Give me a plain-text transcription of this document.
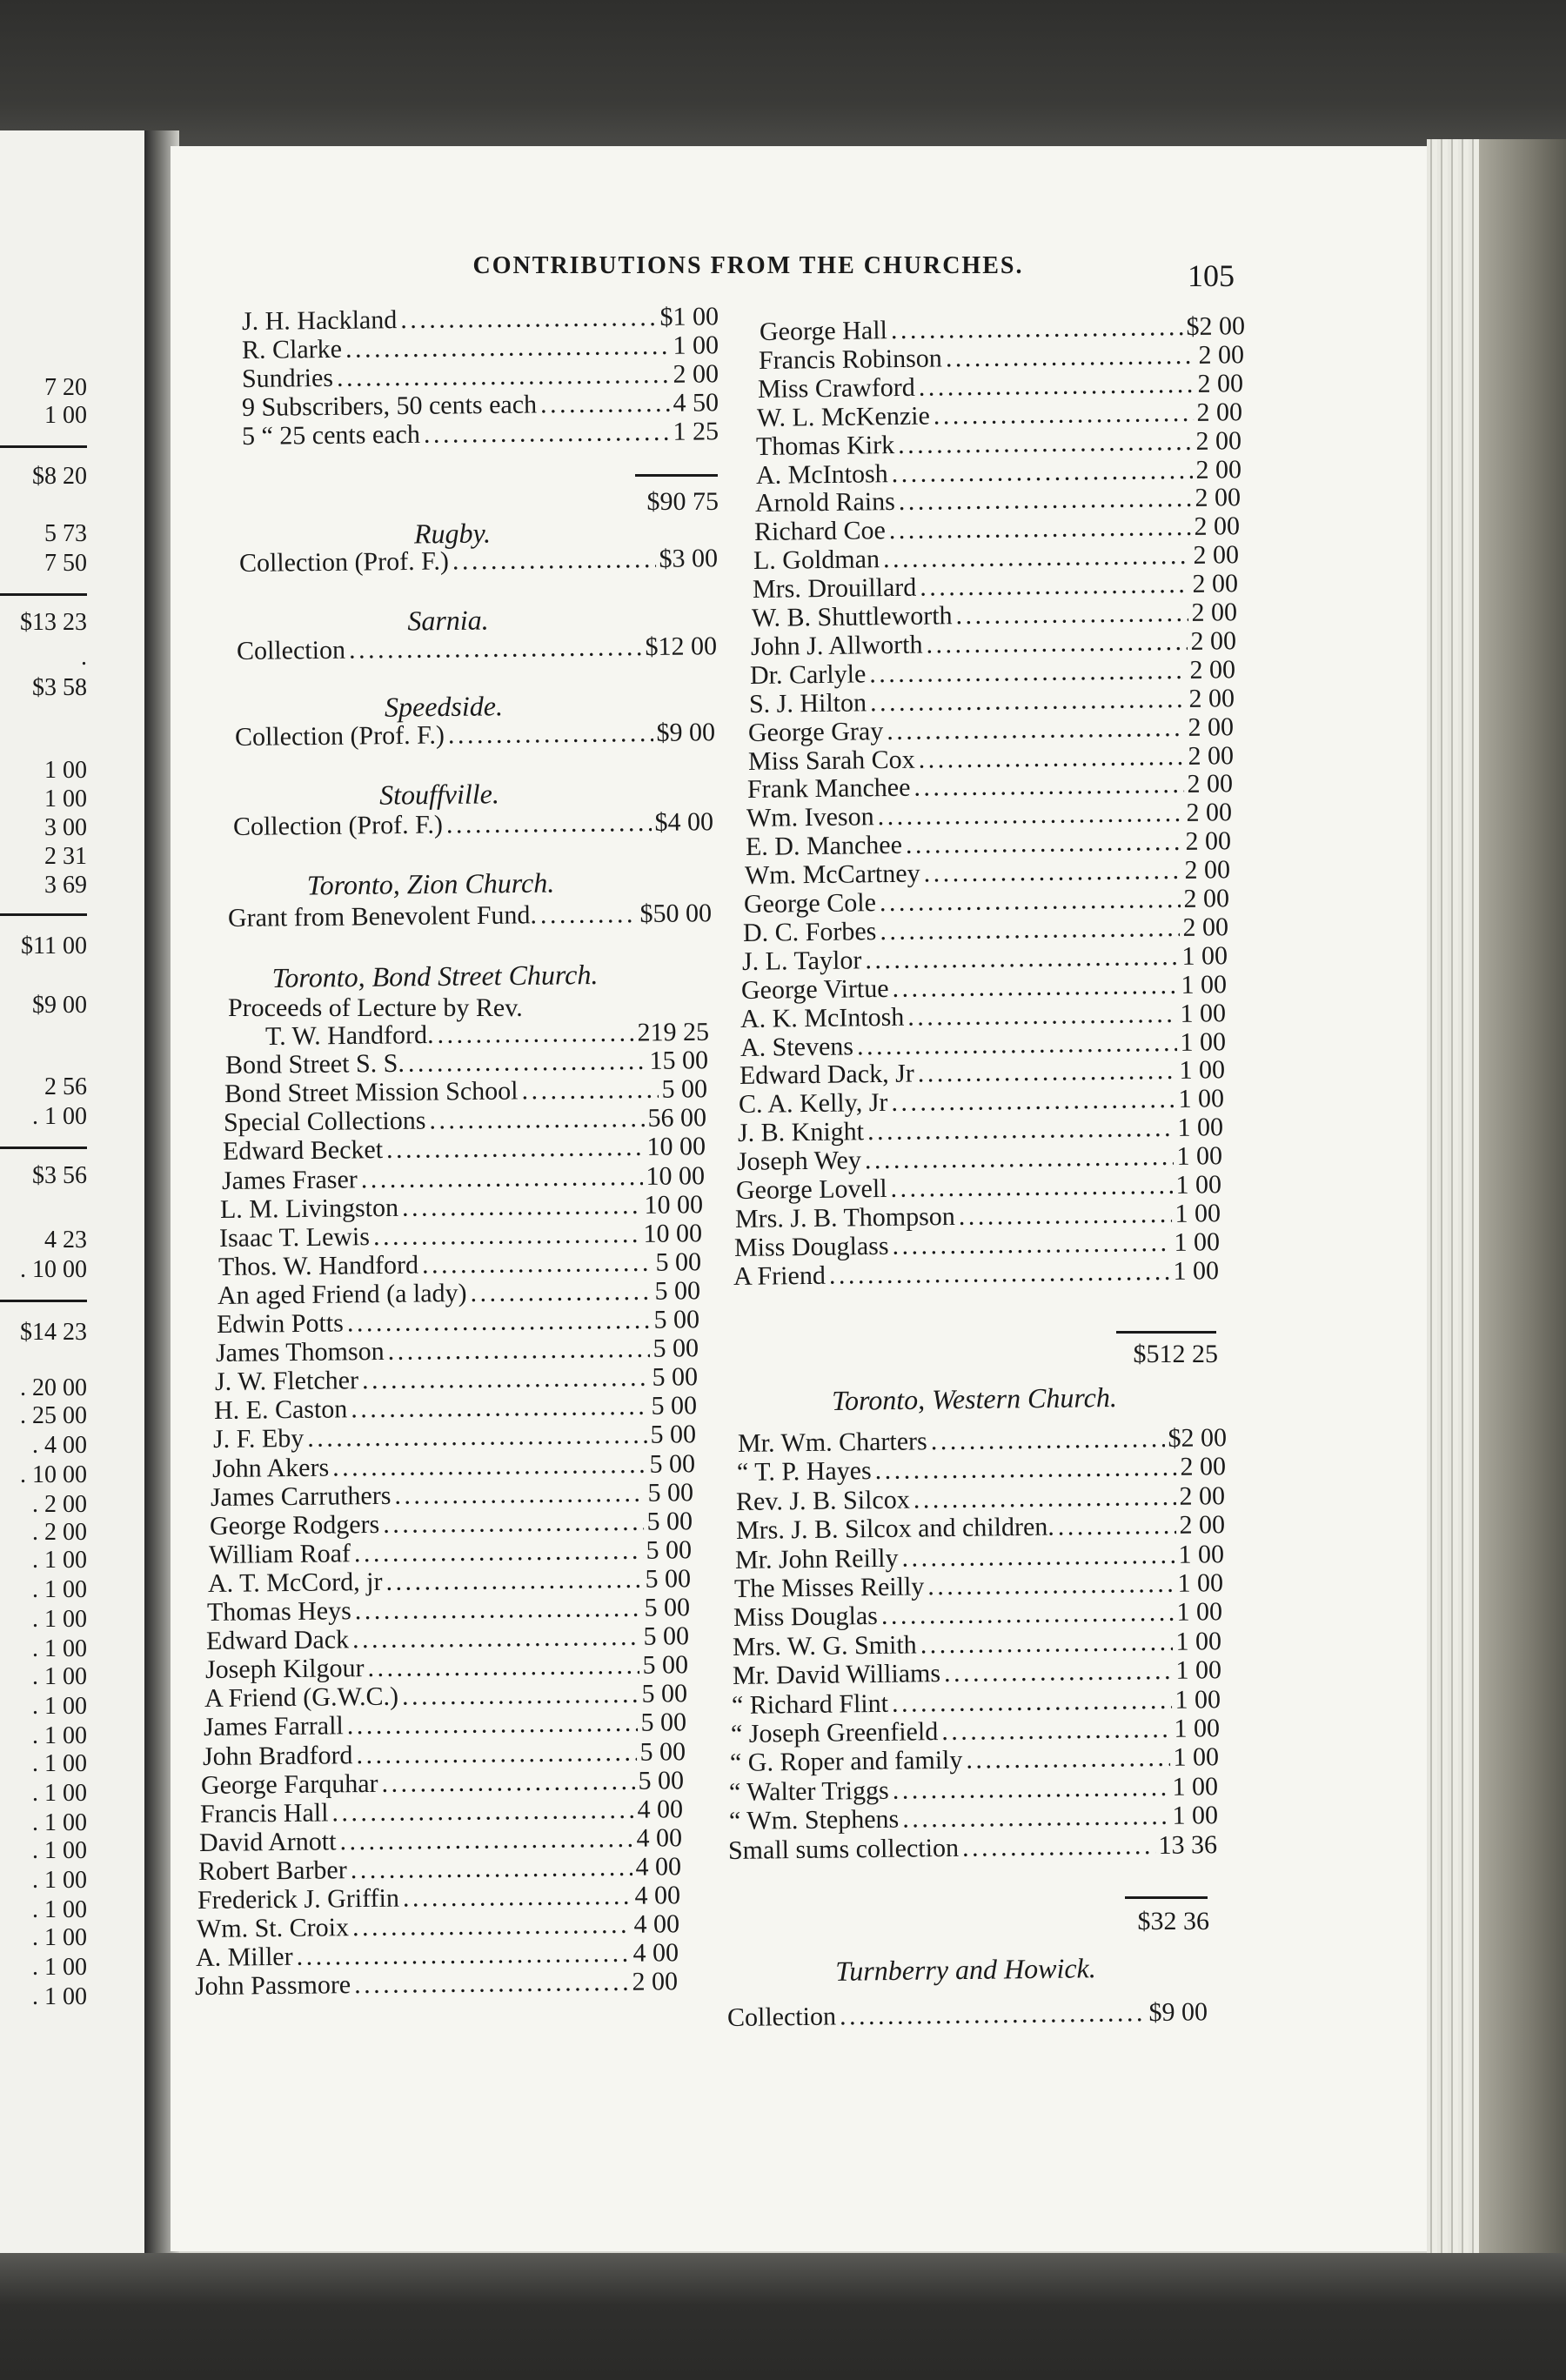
CONTRIBUTIONS FROM THE CHURCHES.	105
7 20
1 00
$8 20
5 73
7 50
$13 23
.
$3 58
1 00
1 00
3 00
2 31
3 69
$11 00
$9 00
2 56
. 1 00
$3 56
4 23
. 10 00
$14 23
. 20 00
. 25 00
. 4 00
. 10 00
. 2 00
. 2 00
. 1 00
. 1 00
. 1 00
. 1 00
. 1 00
. 1 00
. 1 00
. 1 00
. 1 00
. 1 00
. 1 00
. 1 00
. 1 00
. 1 00
. 1 00
. 1 00
J. H. Hackland . . .	$1 00
R. Clarke . . .	1 00
Sundries . . .	2 00
9 Subscribers, 50 cents each . . .	4 50
5 “ 25 cents each . . .	1 25
$90 75
Rugby.
Collection (Prof. F.) . . .	$3 00
Sarnia.
Collection . . .	$12 00
Speedside.
Collection (Prof. F.) . . .	$9 00
Stouffville.
Collection (Prof. F.) . . .	$4 00
Toronto, Zion Church.
Grant from Benevolent Fund. . . .	$50 00
Toronto, Bond Street Church.
Proceeds of Lecture by Rev.
T. W. Handford. . . .	219 25
Bond Street S. S. . . .	15 00
Bond Street Mission School . . .	5 00
Special Collections . . .	56 00
Edward Becket . . .	10 00
James Fraser . . .	10 00
L. M. Livingston . . .	10 00
Isaac T. Lewis . . .	10 00
Thos. W. Handford . . .	5 00
An aged Friend (a lady) . . .	5 00
Edwin Potts . . .	5 00
James Thomson . . .	5 00
J. W. Fletcher . . .	5 00
H. E. Caston . . .	5 00
J. F. Eby . . .	5 00
John Akers . . .	5 00
James Carruthers . . .	5 00
George Rodgers . . .	5 00
William Roaf . . .	5 00
A. T. McCord, jr . . .	5 00
Thomas Heys . . .	5 00
Edward Dack . . .	5 00
Joseph Kilgour . . .	5 00
A Friend (G.W.C.) . . .	5 00
James Farrall . . .	5 00
John Bradford . . .	5 00
George Farquhar . . .	5 00
Francis Hall . . .	4 00
David Arnott . . .	4 00
Robert Barber . . .	4 00
Frederick J. Griffin . . .	4 00
Wm. St. Croix . . .	4 00
A. Miller . . .	4 00
John Passmore . . .	2 00
George Hall . . .	$2 00
Francis Robinson . . .	2 00
Miss Crawford . . .	2 00
W. L. McKenzie . . .	2 00
Thomas Kirk . . .	2 00
A. McIntosh . . .	2 00
Arnold Rains . . .	2 00
Richard Coe . . .	2 00
L. Goldman . . .	2 00
Mrs. Drouillard . . .	2 00
W. B. Shuttleworth . . .	2 00
John J. Allworth . . .	2 00
Dr. Carlyle . . .	2 00
S. J. Hilton . . .	2 00
George Gray . . .	2 00
Miss Sarah Cox . . .	2 00
Frank Manchee . . .	2 00
Wm. Iveson . . .	2 00
E. D. Manchee . . .	2 00
Wm. McCartney . . .	2 00
George Cole . . .	2 00
D. C. Forbes . . .	2 00
J. L. Taylor . . .	1 00
George Virtue . . .	1 00
A. K. McIntosh . . .	1 00
A. Stevens . . .	1 00
Edward Dack, Jr . . .	1 00
C. A. Kelly, Jr . . .	1 00
J. B. Knight . . .	1 00
Joseph Wey . . .	1 00
George Lovell . . .	1 00
Mrs. J. B. Thompson . . .	1 00
Miss Douglass . . .	1 00
A Friend . . .	1 00
$512 25
Toronto, Western Church.
Mr. Wm. Charters . . .	$2 00
“ T. P. Hayes . . .	2 00
Rev. J. B. Silcox . . .	2 00
Mrs. J. B. Silcox and children. . . .	2 00
Mr. John Reilly . . .	1 00
The Misses Reilly . . .	1 00
Miss Douglas . . .	1 00
Mrs. W. G. Smith . . .	1 00
Mr. David Williams . . .	1 00
“ Richard Flint . . .	1 00
“ Joseph Greenfield . . .	1 00
“ G. Roper and family . . .	1 00
“ Walter Triggs . . .	1 00
“ Wm. Stephens . . .	1 00
Small sums collection . . .	13 36
$32 36
Turnberry and Howick.
Collection . . .	$9 00
